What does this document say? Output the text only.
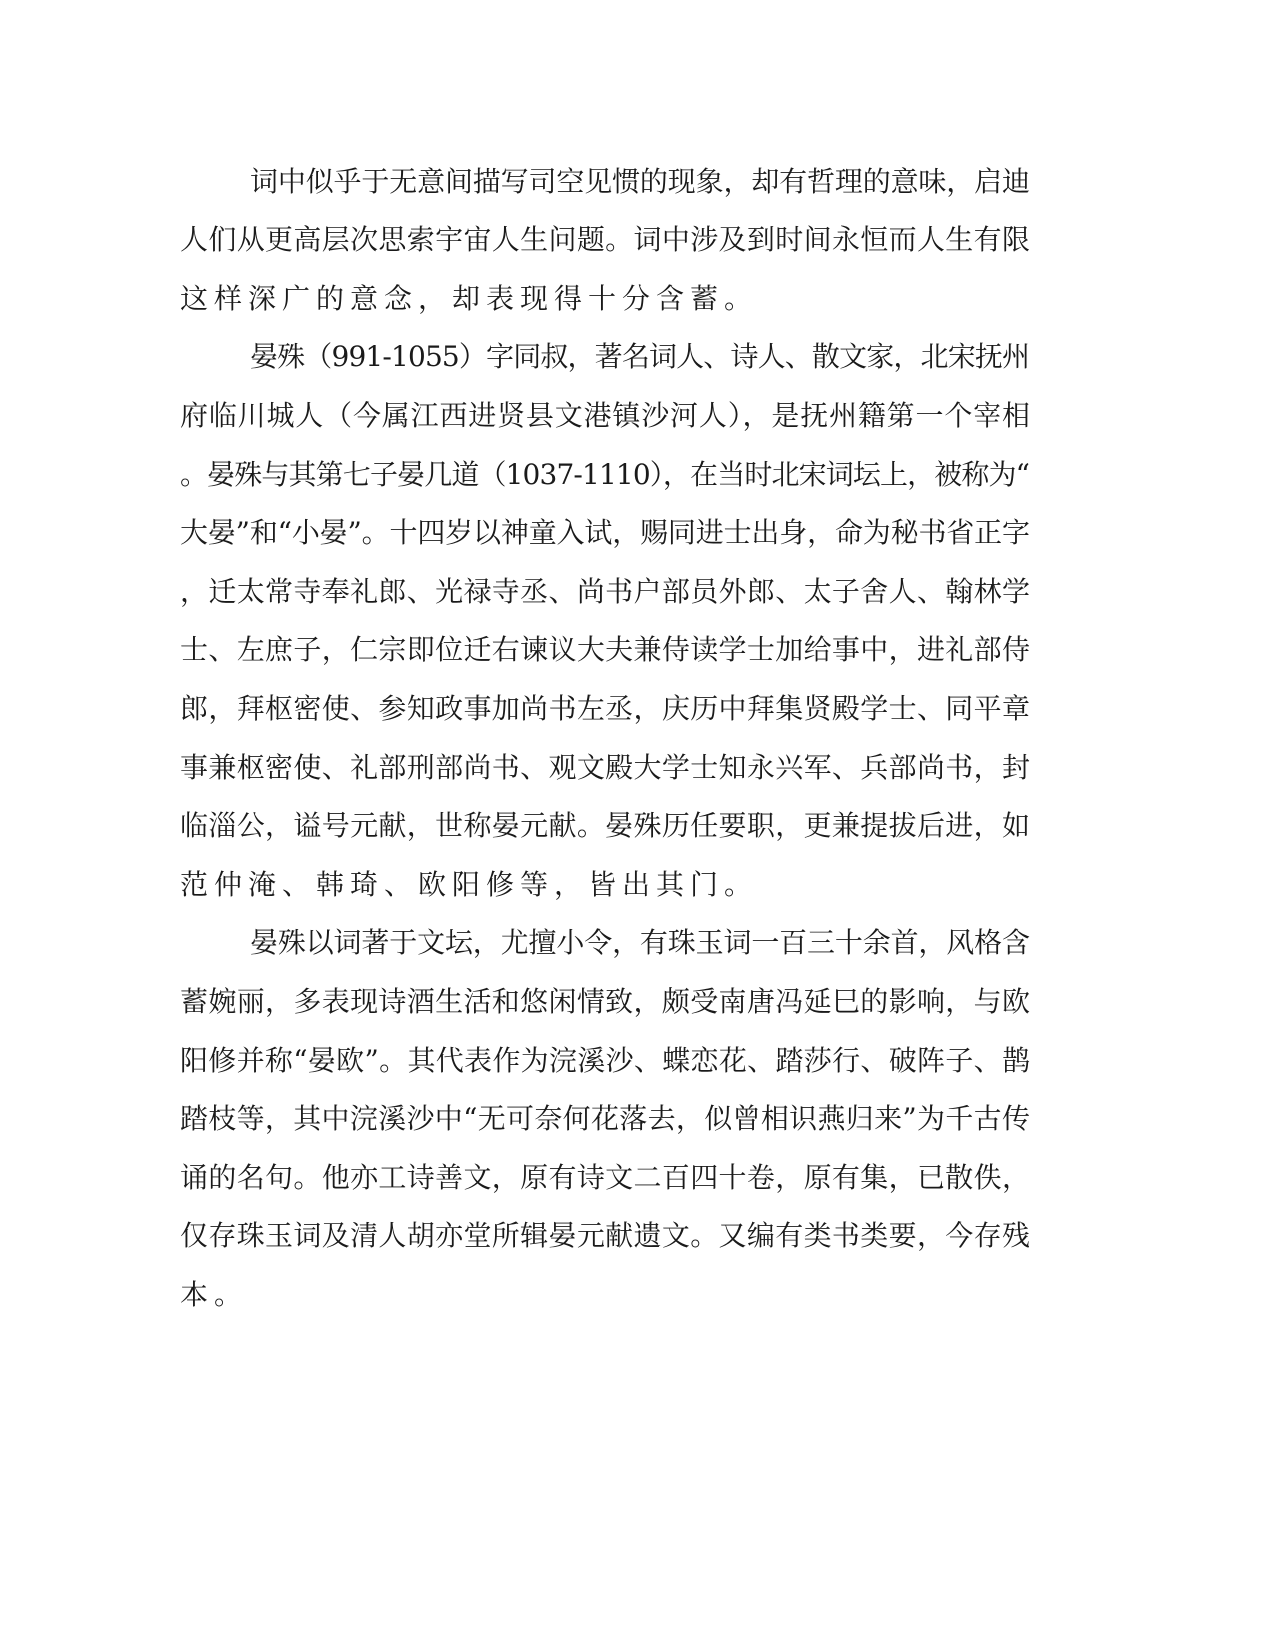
词中似乎于无意间描写司空见惯的现象，却有哲理的意味，启迪
人们从更高层次思索宇宙人生问题。词中涉及到时间永恒而人生有限
这样深广的意念，却表现得十分含蓄。
晏殊（991-1055）字同叔，著名词人、诗人、散文家，北宋抚州
府临川城人（今属江西进贤县文港镇沙河人），是抚州籍第一个宰相
。晏殊与其第七子晏几道（1037-1110），在当时北宋词坛上，被称为“
大晏”和“小晏”。十四岁以神童入试，赐同进士出身，命为秘书省正字
，迁太常寺奉礼郎、光禄寺丞、尚书户部员外郎、太子舍人、翰林学
士、左庶子，仁宗即位迁右谏议大夫兼侍读学士加给事中，进礼部侍
郎，拜枢密使、参知政事加尚书左丞，庆历中拜集贤殿学士、同平章
事兼枢密使、礼部刑部尚书、观文殿大学士知永兴军、兵部尚书，封
临淄公，谥号元献，世称晏元献。晏殊历任要职，更兼提拔后进，如
范仲淹、韩琦、欧阳修等，皆出其门。
晏殊以词著于文坛，尤擅小令，有珠玉词一百三十余首，风格含
蓄婉丽，多表现诗酒生活和悠闲情致，颇受南唐冯延巳的影响，与欧
阳修并称“晏欧”。其代表作为浣溪沙、蝶恋花、踏莎行、破阵子、鹊
踏枝等，其中浣溪沙中“无可奈何花落去，似曾相识燕归来”为千古传
诵的名句。他亦工诗善文，原有诗文二百四十卷，原有集，已散佚，
仅存珠玉词及清人胡亦堂所辑晏元献遗文。又编有类书类要，今存残
本。
